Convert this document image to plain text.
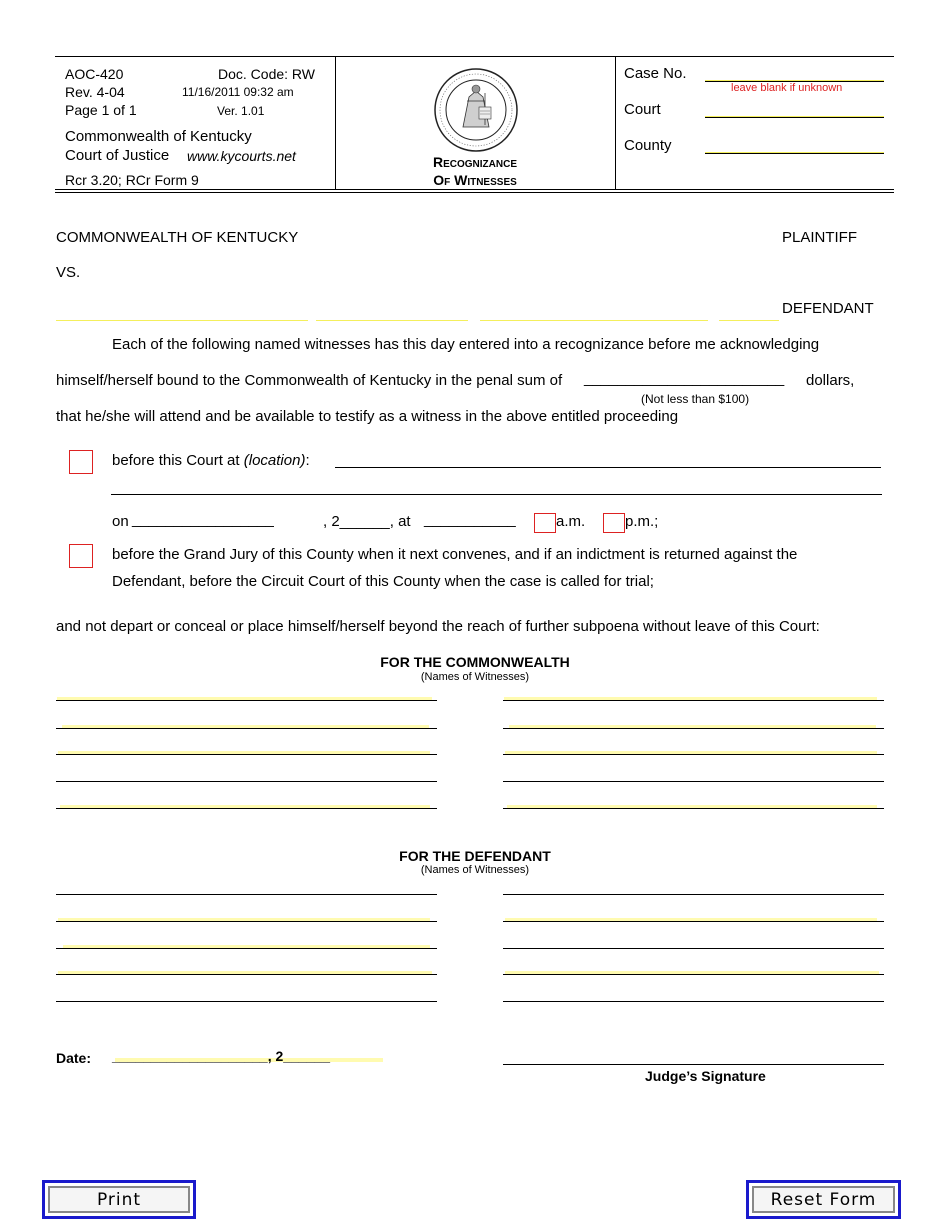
AOC-420	Doc. Code: RW
Rev. 4-04	11/16/2011 09:32 am
Page 1 of 1	Ver. 1.01
Commonwealth of Kentucky
Court of Justice www.kycourts.net
Rcr 3.20; RCr Form 9
Recognizance
Of Witnesses
Case No.
leave blank if unknown
Court
County
COMMONWEALTH OF KENTUCKY	PLAINTIFF
VS.
DEFENDANT
Each of the following named witnesses has this day entered into a recognizance before me acknowledging
himself/herself bound to the Commonwealth of Kentucky in the penal sum of ________________________ dollars,
(Not less than $100)
that he/she will attend and be available to testify as a witness in the above entitled proceeding
before this Court at (location):
on _________________	, 2______, at ___________	a.m.	p.m.;
before the Grand Jury of this County when it next convenes, and if an indictment is returned against the
Defendant, before the Circuit Court of this County when the case is called for trial;
and not depart or conceal or place himself/herself beyond the reach of further subpoena without leave of this Court:
FOR THE COMMONWEALTH
(Names of Witnesses)
FOR THE DEFENDANT
(Names of Witnesses)
Date: ____________________, 2______
Judge’s Signature
Print	Reset Form
